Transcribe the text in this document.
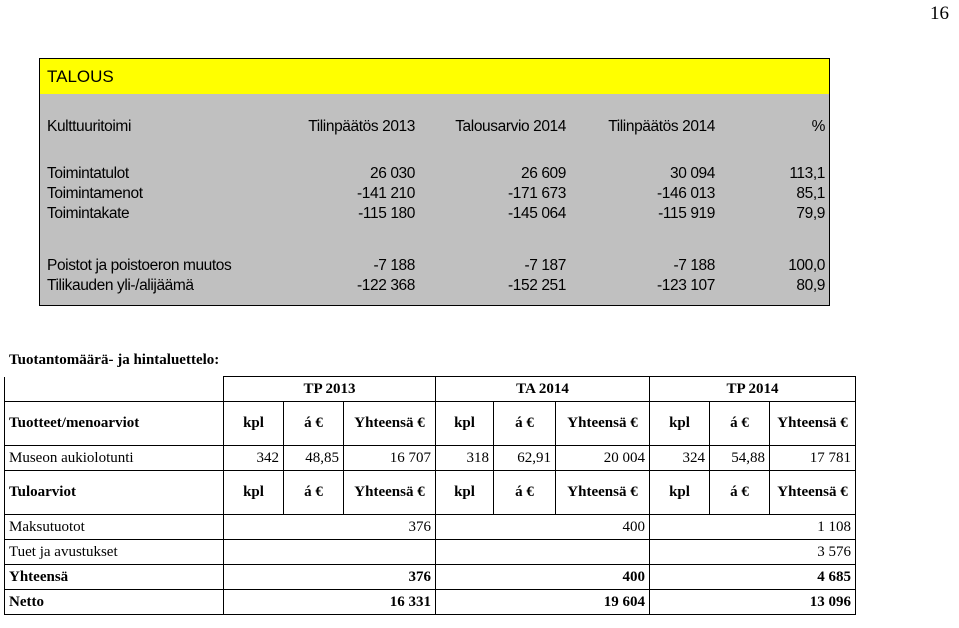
16
TALOUS
Kulttuuritoimi	Tilinpäätös 2013	Talousarvio 2014	Tilinpäätös 2014	%
Toimintatulot	26 030	26 609	30 094	113,1
Toimintamenot	-141 210	-171 673	-146 013	85,1
Toimintakate	-115 180	-145 064	-115 919	79,9
Poistot ja poistoeron muutos	-7 188	-7 187	-7 188	100,0
Tilikauden yli-/alijäämä	-122 368	-152 251	-123 107	80,9
Tuotantomäärä- ja hintaluettelo:
	TP 2013			TA 2014			TP 2014		
Tuotteet/menoarviot	kpl	á €	Yhteensä €	kpl	á €	Yhteensä €	kpl	á €	Yhteensä €
Museon aukiolotunti	342	48,85	16 707	318	62,91	20 004	324	54,88	17 781
Tuloarviot	kpl	á €	Yhteensä €	kpl	á €	Yhteensä €	kpl	á €	Yhteensä €
Maksutuotot	376			400			1 108		
Tuet ja avustukset							3 576		
Yhteensä	376			400			4 685		
Netto	16 331			19 604			13 096		
